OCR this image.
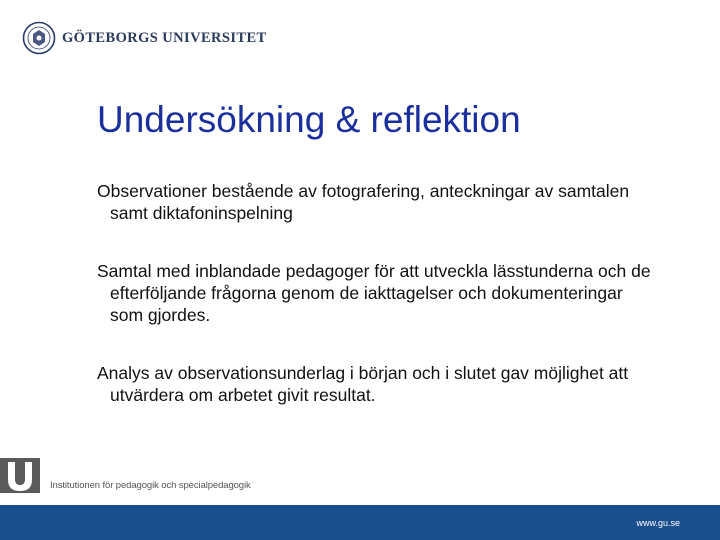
GÖTEBORGS UNIVERSITET
Undersökning & reflektion

Observationer bestående av fotografering, anteckningar av samtalen samt diktafoninspelning

Samtal med inblandade pedagoger för att utveckla lässtunderna och de efterföljande frågorna genom de iakttagelser och dokumenteringar som gjordes.

Analys av observationsunderlag i början och i slutet gav möjlighet att utvärdera om arbetet givit resultat.

Institutionen för pedagogik och specialpedagogik
www.gu.se
